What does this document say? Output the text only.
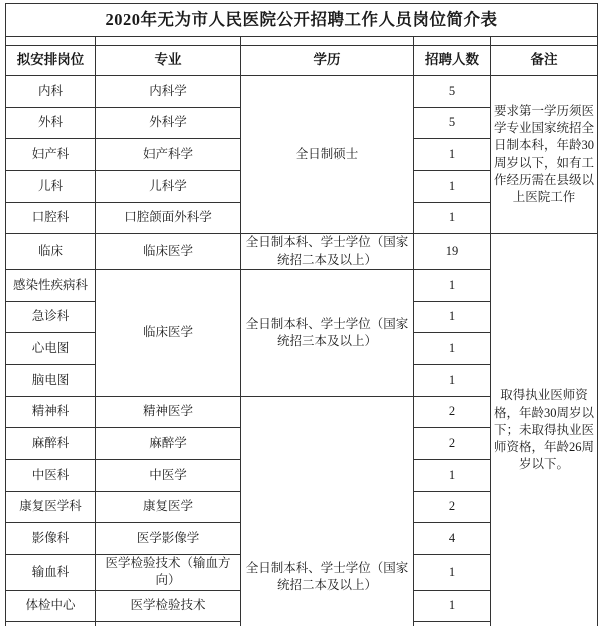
2020年无为市人民医院公开招聘工作人员岗位简介表				

拟安排岗位	专业	学历	招聘人数	备注
内科	内科学	全日制硕士	5	要求第一学历须医学专业国家统招全日制本科，年龄30周岁以下，如有工作经历需在县级以上医院工作
外科	外科学		5	
妇产科	妇产科学		1	
儿科	儿科学		1	
口腔科	口腔颌面外科学		1	
临床	临床医学	全日制本科、学士学位（国家统招二本及以上）	19	取得执业医师资格，年龄30周岁以下；未取得执业医师资格，年龄26周岁以下。
感染性疾病科	临床医学	全日制本科、学士学位（国家统招三本及以上）	1	
急诊科			1	
心电图			1	
脑电图			1	
精神科	精神医学	全日制本科、学士学位（国家统招二本及以上）	2	
麻醉科	麻醉学		2	
中医科	中医学		1	
康复医学科	康复医学		2	
影像科	医学影像学		4	
输血科	医学检验技术（输血方向）		1	
体检中心	医学检验技术		1	
